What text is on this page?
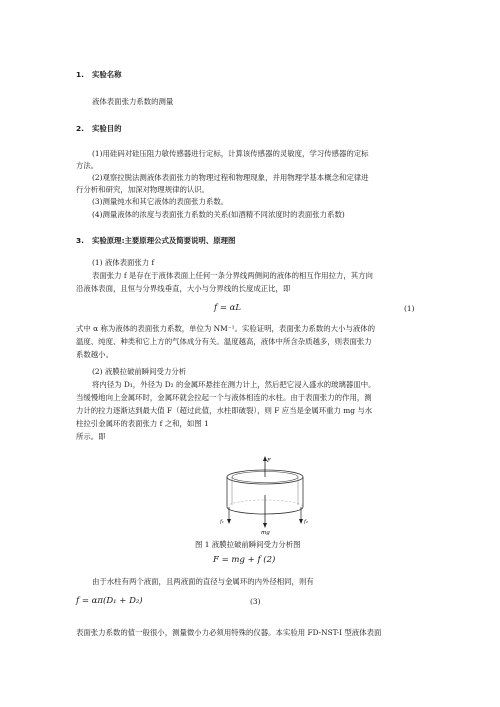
1. 实验名称
液体表面张力系数的测量
2. 实验目的
(1)用硅码对硅压阻力敏传感器进行定标，计算该传感器的灵敏度，学习传感器的定标
方法。
(2)观察拉脱法测液体表面张力的物理过程和物理现象，并用物理学基本概念和定律进
行分析和研究，加深对物理规律的认识。
(3)测量纯水和其它液体的表面张力系数。
(4)测量液体的浓度与表面张力系数的关系(如酒精不同浓度时的表面张力系数)
3. 实验原理:主要原理公式及简要说明、原理图
(1) 液体表面张力 f
表面张力 f 是存在于液体表面上任何一条分界线两侧间的液体的相互作用拉力，其方向
沿液体表面，且恒与分界线垂直，大小与分界线的长度成正比，即
f = αL	(1)
式中 α 称为液体的表面张力系数，单位为 NM⁻¹。实验证明，表面张力系数的大小与液体的
温度、纯度、种类和它上方的气体成分有关。温度越高，液体中所含杂质越多，则表面张力
系数越小。
(2) 液膜拉破前瞬间受力分析
将内径为 D₁，外径为 D₂ 的金属环悬挂在测力计上，然后把它浸入盛水的玻璃器皿中。
当缓慢地向上金属环时，金属环就会拉起一个与液体相连的水柱。由于表面张力的作用，测
力计的拉力逐渐达到最大值 F（超过此值，水柱即破裂），则 F 应当是金属环重力 mg 与水
柱拉引金属环的表面张力 f 之和，如图 1
所示。即
F
mg
f₁	f₂
图 1 液膜拉破前瞬间受力分析图
F = mg + f (2)
由于水柱有两个液面，且两液面的直径与金属环的内外径相同，则有
f = απ(D₁ + D₂)	(3)
表面张力系数的值一般很小，测量微小力必须用特殊的仪器。本实验用 FD-NST-I 型液体表面
